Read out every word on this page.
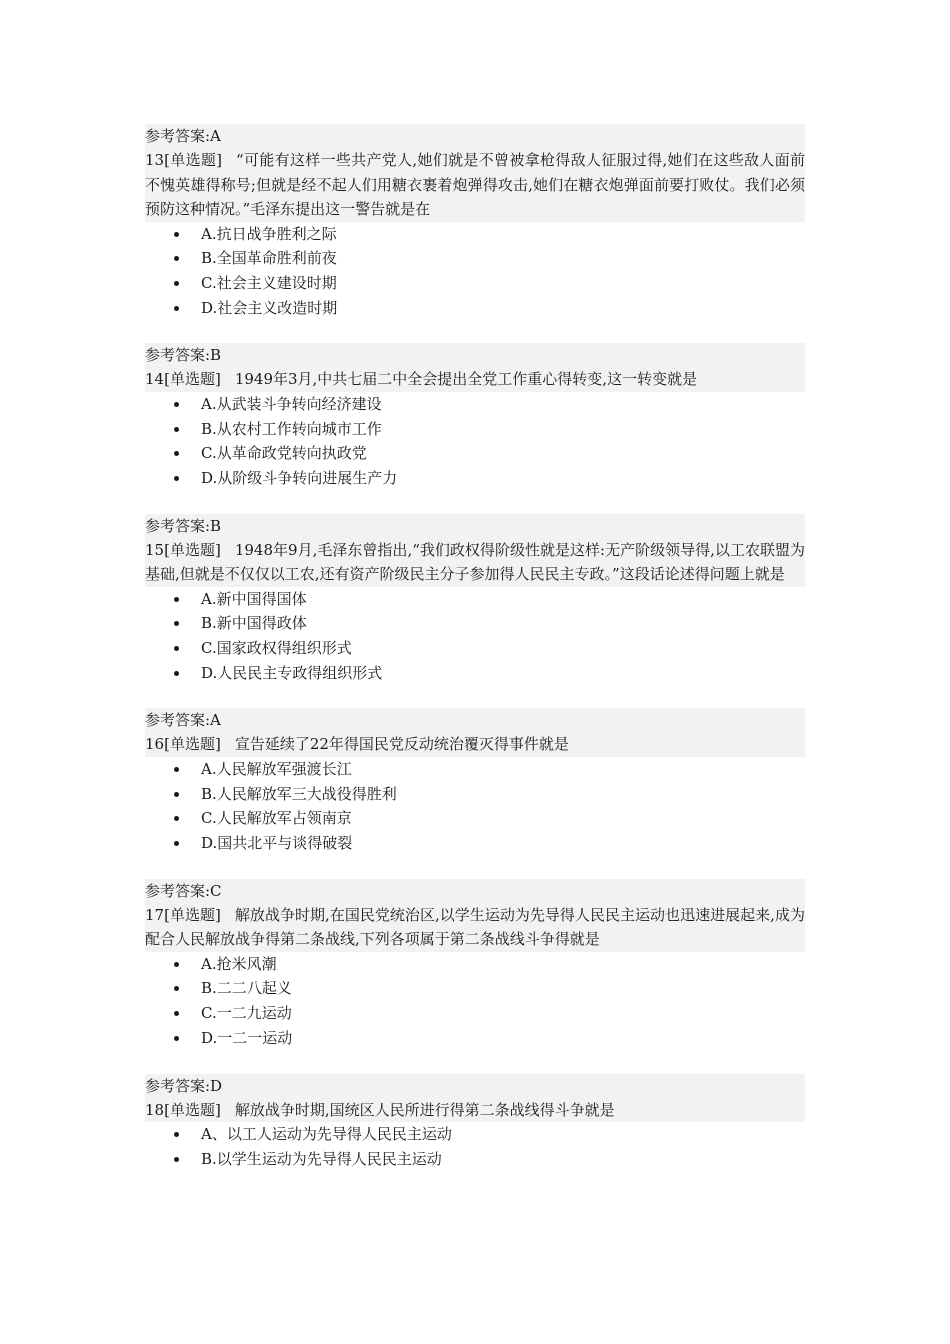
参考答案:A
13[单选题] “可能有这样一些共产党人,她们就是不曾被拿枪得敌人征服过得,她们在这些敌人面前不愧英雄得称号;但就是经不起人们用糖衣裹着炮弹得攻击,她们在糖衣炮弹面前要打败仗。我们必须预防这种情况。”毛泽东提出这一警告就是在
A.抗日战争胜利之际
B.全国革命胜利前夜
C.社会主义建设时期
D.社会主义改造时期
参考答案:B
14[单选题] 1949年3月,中共七届二中全会提出全党工作重心得转变,这一转变就是
A.从武装斗争转向经济建设
B.从农村工作转向城市工作
C.从革命政党转向执政党
D.从阶级斗争转向进展生产力
参考答案:B
15[单选题] 1948年9月,毛泽东曾指出,“我们政权得阶级性就是这样:无产阶级领导得,以工农联盟为基础,但就是不仅仅以工农,还有资产阶级民主分子参加得人民民主专政。”这段话论述得问题上就是
A.新中国得国体
B.新中国得政体
C.国家政权得组织形式
D.人民民主专政得组织形式
参考答案:A
16[单选题] 宣告延续了22年得国民党反动统治覆灭得事件就是
A.人民解放军强渡长江
B.人民解放军三大战役得胜利
C.人民解放军占领南京
D.国共北平与谈得破裂
参考答案:C
17[单选题] 解放战争时期,在国民党统治区,以学生运动为先导得人民民主运动也迅速进展起来,成为配合人民解放战争得第二条战线,下列各项属于第二条战线斗争得就是
A.抢米风潮
B.二二八起义
C.一二九运动
D.一二一运动
参考答案:D
18[单选题] 解放战争时期,国统区人民所进行得第二条战线得斗争就是
A、以工人运动为先导得人民民主运动
B.以学生运动为先导得人民民主运动
